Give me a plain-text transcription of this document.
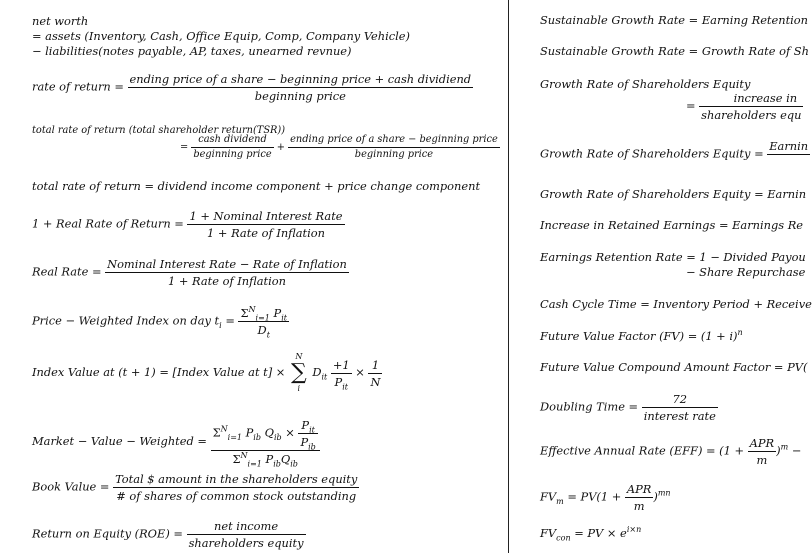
net worth
= assets (Inventory, Cash, Office Equip, Comp, Company Vehicle)
− liabilities(notes payable, AP, taxes, unearned revnue)
rate of return = $\frac{\text{ending price of a share − beginning price + cash dividiend}}{\text{beginning price}}$
total rate of return (total shareholder return(TSR))
= $\frac{\text{cash dividend}}{\text{beginning price}} + \frac{\text{ending price of a share − beginning price}}{\text{beginning price}}$
total rate of return = dividend income component + price change component
1 + Real Rate of Return = $\frac{\text{1 + Nominal Interest Rate}}{\text{1 + Rate of Inflation}}$
Real Rate = $\frac{\text{Nominal Interest Rate − Rate of Inflation}}{\text{1 + Rate of Inflation}}$
Price − Weighted Index on day $t_i = \frac{\Sigma^N_{i=1} P_{it}}{D_t}$
Index Value at (t + 1) = [Index Value at t] × N
∑
i $D_{it} \frac{+1}{P_{it}} \times \frac{1}{N}$
Market − Value − Weighted =
$\Sigma^N_{i=1}$ $P_{ib}$ $Q_{ib} \times \frac{P_{it}}{P_{ib}}$
$\Sigma^N_{i=1}$ $P_{ib}Q_{ib}$
Book Value = $\frac{\text{Total \$ amount in the shareholders equity}}{\text{\# of shares of common stock outstanding}}$
Return on Equity $(ROE) = \frac{\text{net income}}{\text{shareholders equity}}$
Sustainable Growth Rate = Earning Retention
Sustainable Growth Rate = Growth Rate of Sh
Growth Rate of Shareholders Equity
= $\frac{\text{increase in}}{\text{shareholders equ}}$
Growth Rate of Shareholders Equity =
Earnin

Growth Rate of Shareholders Equity = Earnin
Increase in Retained Earnings = Earnings Re
Earnings Retention Rate = 1 − Divided Payou
− Share Repurchase
Cash Cycle Time = Inventory Period + Receive
Future Value Factor $(FV) = (1 + i)^n$
Future Value Compound Amount Factor = PV(
Doubling Time = $\frac{72}{\text{interest rate}}$
Effective Annual Rate $(EFF) = (1 + \frac{\text{APR}}{m} )^m$ −
$FV_m = PV(1 + \frac{\text{APR}}{m} )^{mn}$
$FV_{con}$ = PV × $e^{i\times n}$
